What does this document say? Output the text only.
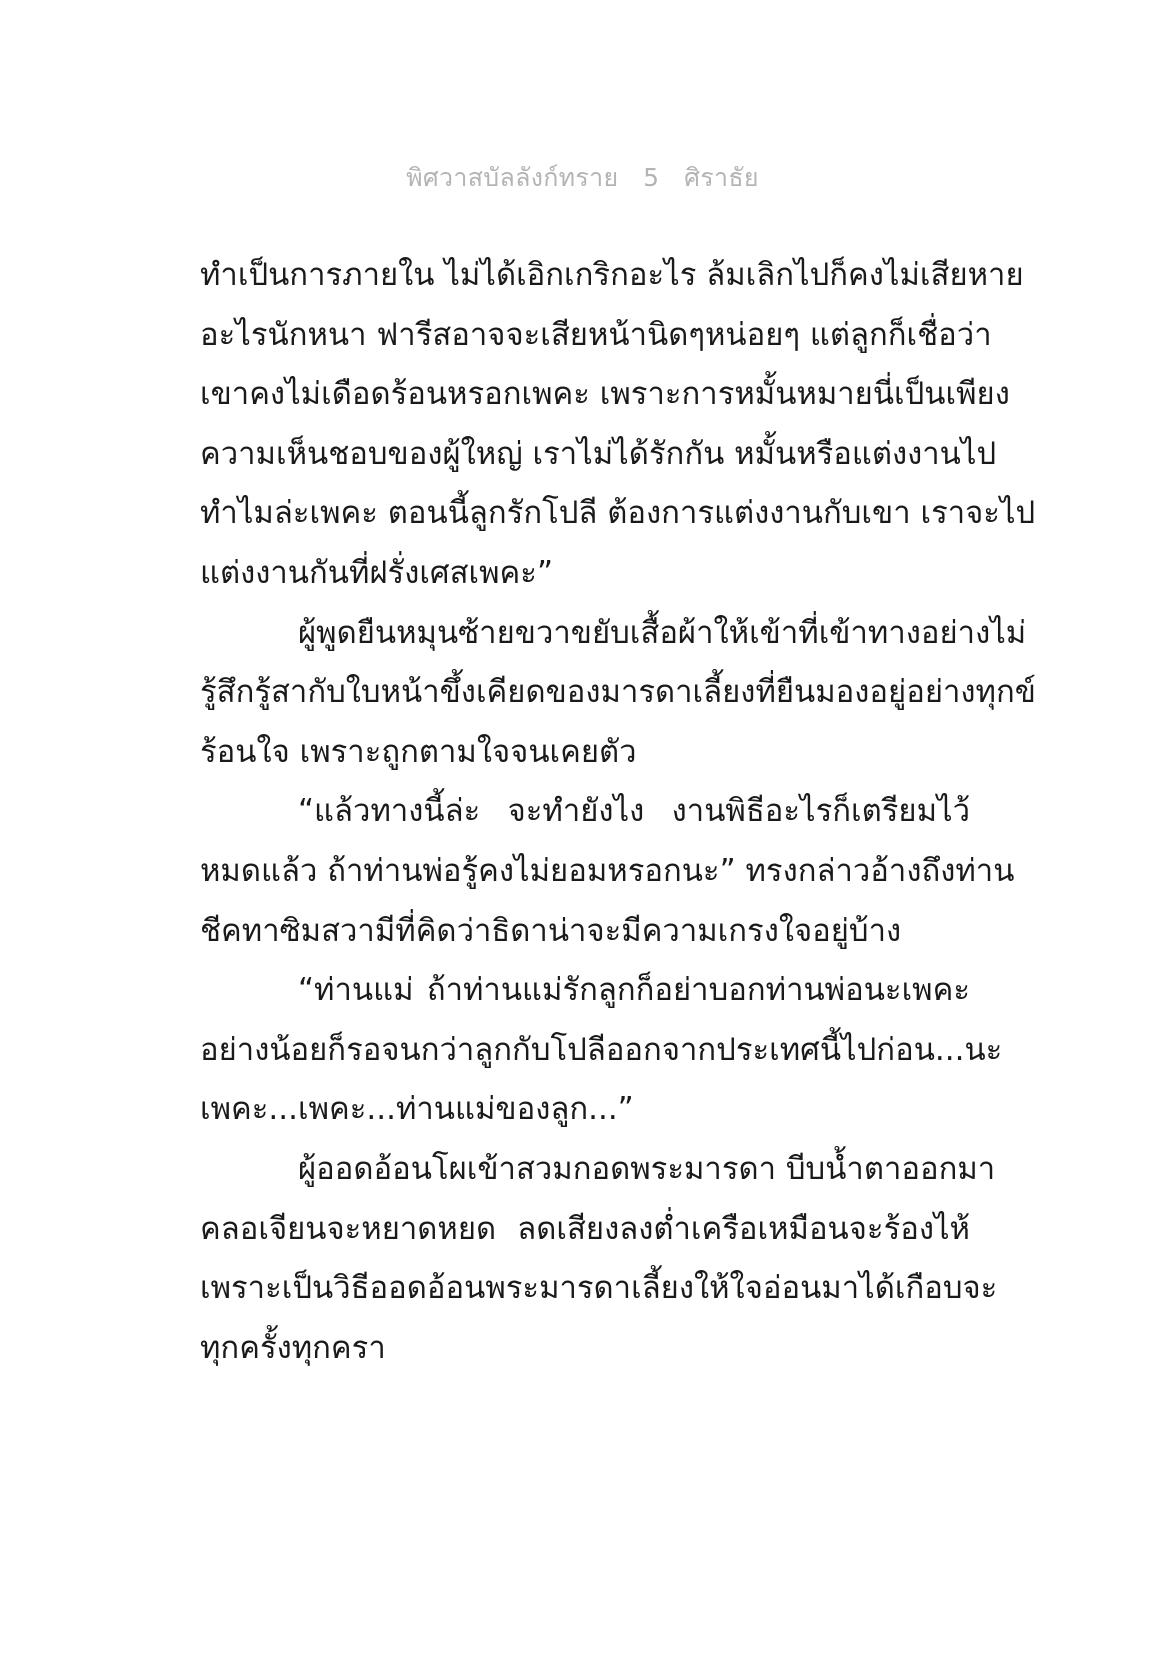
พิศวาสบัลลังก์ทราย   5   ศิราธัย
ทำเป็นการภายใน ไม่ได้เอิกเกริกอะไร ล้มเลิกไปก็คงไม่เสียหาย
อะไรนักหนา ฟารีสอาจจะเสียหน้านิดๆหน่อยๆ แต่ลูกก็เชื่อว่า
เขาคงไม่เดือดร้อนหรอกเพคะ เพราะการหมั้นหมายนี่เป็นเพียง
ความเห็นชอบของผู้ใหญ่ เราไม่ได้รักกัน หมั้นหรือแต่งงานไป
ทำไมล่ะเพคะ ตอนนี้ลูกรักโปลี ต้องการแต่งงานกับเขา เราจะไป
แต่งงานกันที่ฝรั่งเศสเพคะ”
ผู้พูดยืนหมุนซ้ายขวาขยับเสื้อผ้าให้เข้าที่เข้าทางอย่างไม่
รู้สึกรู้สากับใบหน้าขึ้งเคียดของมารดาเลี้ยงที่ยืนมองอยู่อย่างทุกข์
ร้อนใจ เพราะถูกตามใจจนเคยตัว
“แล้วทางนี้ล่ะ จะทำยังไง งานพิธีอะไรก็เตรียมไว้
หมดแล้ว ถ้าท่านพ่อรู้คงไม่ยอมหรอกนะ” ทรงกล่าวอ้างถึงท่าน
ชีคทาซิมสวามีที่คิดว่าธิดาน่าจะมีความเกรงใจอยู่บ้าง
“ท่านแม่ ถ้าท่านแม่รักลูกก็อย่าบอกท่านพ่อนะเพคะ
อย่างน้อยก็รอจนกว่าลูกกับโปลีออกจากประเทศนี้ไปก่อน...นะ
เพคะ...เพคะ...ท่านแม่ของลูก...”
ผู้ออดอ้อนโผเข้าสวมกอดพระมารดา บีบน้ำตาออกมา
คลอเจียนจะหยาดหยด ลดเสียงลงต่ำเครือเหมือนจะร้องไห้
เพราะเป็นวิธีออดอ้อนพระมารดาเลี้ยงให้ใจอ่อนมาได้เกือบจะ
ทุกครั้งทุกครา
